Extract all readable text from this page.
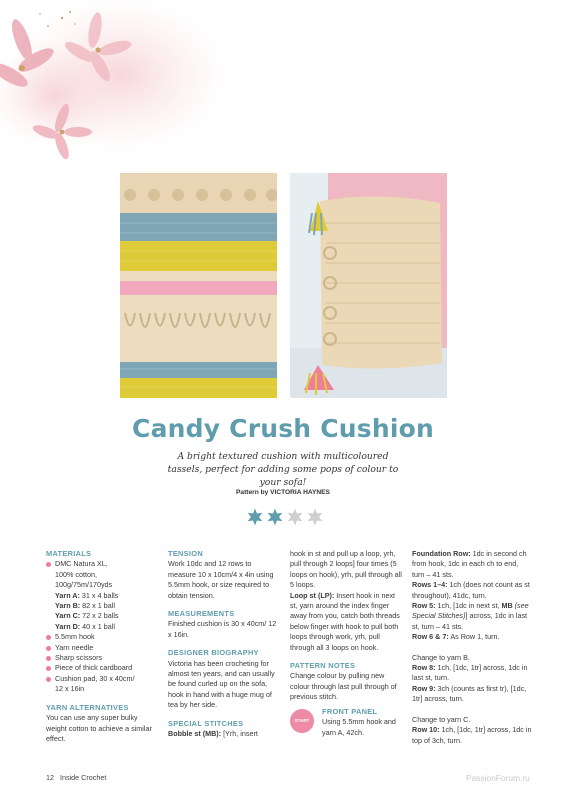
Candy Crush Cushion
A bright textured cushion with multicoloured tassels, perfect for adding some pops of colour to your sofa!
Pattern by VICTORIA HAYNES
MATERIALS
DMC Natura XL,
100% cotton,
100g/75m/170yds
Yarn A: 31 x 4 balls
Yarn B: 82 x 1 ball
Yarn C: 72 x 2 balls
Yarn D: 40 x 1 ball
5.5mm hook
Yarn needle
Sharp scissors
Piece of thick cardboard
Cushion pad, 30 x 40cm/
12 x 16in
YARN ALTERNATIVES
You can use any super bulky weight cotton to achieve a similar effect.
TENSION
Work 10dc and 12 rows to measure 10 x 10cm/4 x 4in using 5.5mm hook, or size required to obtain tension.
MEASUREMENTS
Finished cushion is 30 x 40cm/ 12 x 16in.
DESIGNER BIOGRAPHY
Victoria has been crocheting for almost ten years, and can usually be found curled up on the sofa, hook in hand with a huge mug of tea by her side.
SPECIAL STITCHES
Bobble st (MB): [Yrh, insert
hook in st and pull up a loop, yrh, pull through 2 loops] four times (5 loops on hook), yrh, pull through all 5 loops.
Loop st (LP): Insert hook in next st, yarn around the index finger away from you, catch both threads below finger with hook to pull both loops through work, yrh, pull through all 3 loops on hook.
PATTERN NOTES
Change colour by pulling new colour through last pull through of previous stitch.
START
FRONT PANEL
Using 5.5mm hook and yarn A, 42ch.
Foundation Row: 1dc in second ch from hook, 1dc in each ch to end, turn – 41 sts.
Rows 1–4: 1ch (does not count as st throughout), 41dc, turn.
Row 5: 1ch, [1dc in next st, MB (see Special Stitches)] across, 1dc in last st, turn – 41 sts.
Row 6 & 7: As Row 1, turn.
Change to yarn B.
Row 8: 1ch, [1dc, 1tr] across, 1dc in last st, turn.
Row 9: 3ch (counts as first tr), [1dc, 1tr] across, turn.
Change to yarn C.
Row 10: 1ch, [1dc, 1tr] across, 1dc in top of 3ch, turn.
12 Inside Crochet	PassionForum.ru
